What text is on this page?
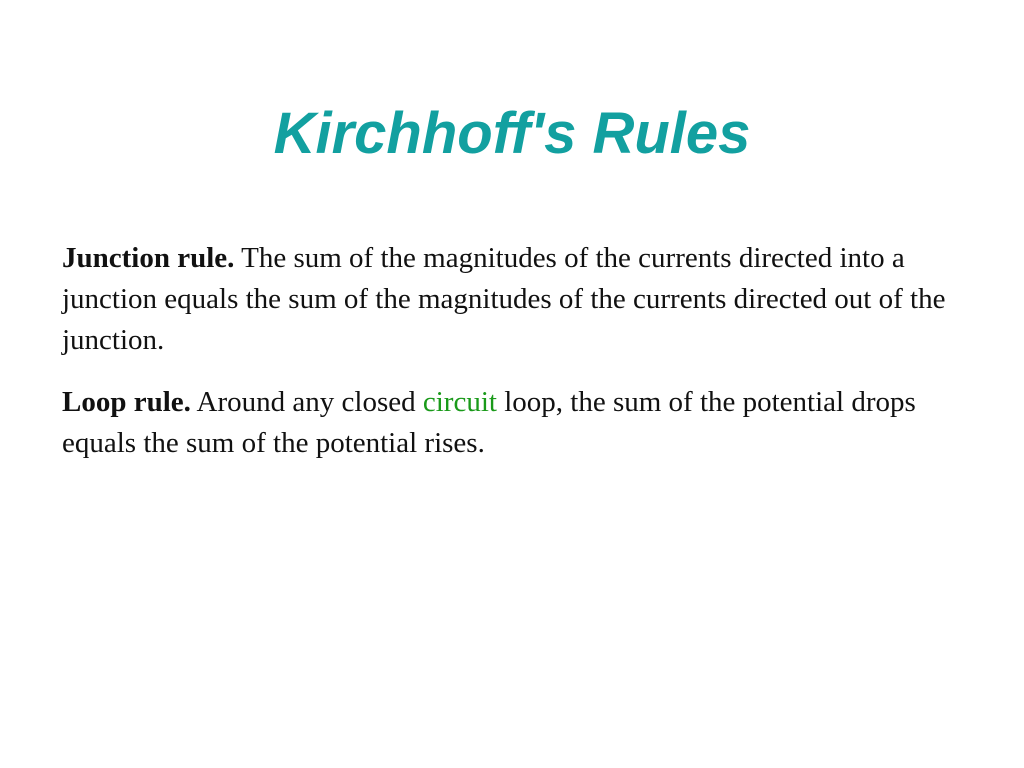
Kirchhoff's Rules

Junction rule. The sum of the magnitudes of the currents directed into a junction equals the sum of the magnitudes of the currents directed out of the junction.

Loop rule. Around any closed circuit loop, the sum of the potential drops equals the sum of the potential rises.
